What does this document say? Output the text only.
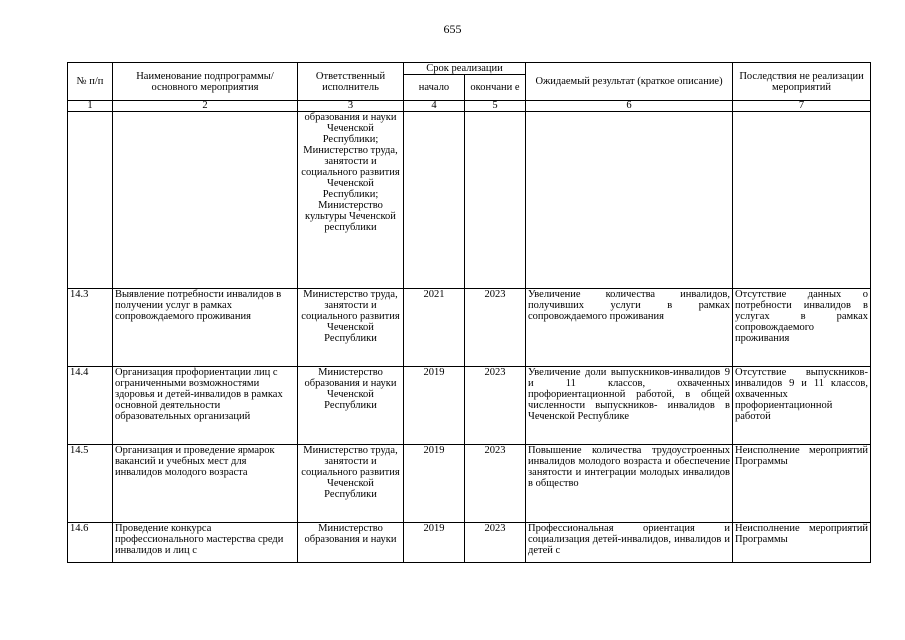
655
№ п/п	Наименование подпрограммы/ основного мероприятия	Ответственный исполнитель	Срок реализации		Ожидаемый результат (краткое описание)	Последствия не реализации мероприятий
			начало	окончани е		
1	2	3	4	5	6	7
		образования и науки Чеченской Республики; Министерство труда, занятости и социального развития Чеченской Республики; Министерство культуры Чеченской республики				
14.3	Выявление потребности инвалидов в получении услуг в рамках сопровождаемого проживания	Министерство труда, занятости и социального развития Чеченской Республики	2021	2023	Увеличение количества инвалидов, получивших услуги в рамках сопровождаемого проживания	Отсутствие данных о потребности инвалидов в услугах в рамках сопровождаемого проживания
14.4	Организация профориентации лиц с ограниченными возможностями здоровья и детей-инвалидов в рамках основной деятельности образовательных организаций	Министерство образования и науки Чеченской Республики	2019	2023	Увеличение доли выпускников-инвалидов 9 и 11 классов, охваченных профориентационной работой, в общей численности выпускников- инвалидов в Чеченской Республике	Отсутствие выпускников-инвалидов 9 и 11 классов, охваченных профориентационной работой
14.5	Организация и проведение ярмарок вакансий и учебных мест для инвалидов молодого возраста	Министерство труда, занятости и социального развития Чеченской Республики	2019	2023	Повышение количества трудоустроенных инвалидов молодого возраста и обеспечение занятости и интеграции молодых инвалидов в общество	Неисполнение мероприятий Программы
14.6	Проведение конкурса профессионального мастерства среди инвалидов и лиц с	Министерство образования и науки	2019	2023	Профессиональная ориентация и социализация детей-инвалидов, инвалидов и детей с	Неисполнение мероприятий Программы
